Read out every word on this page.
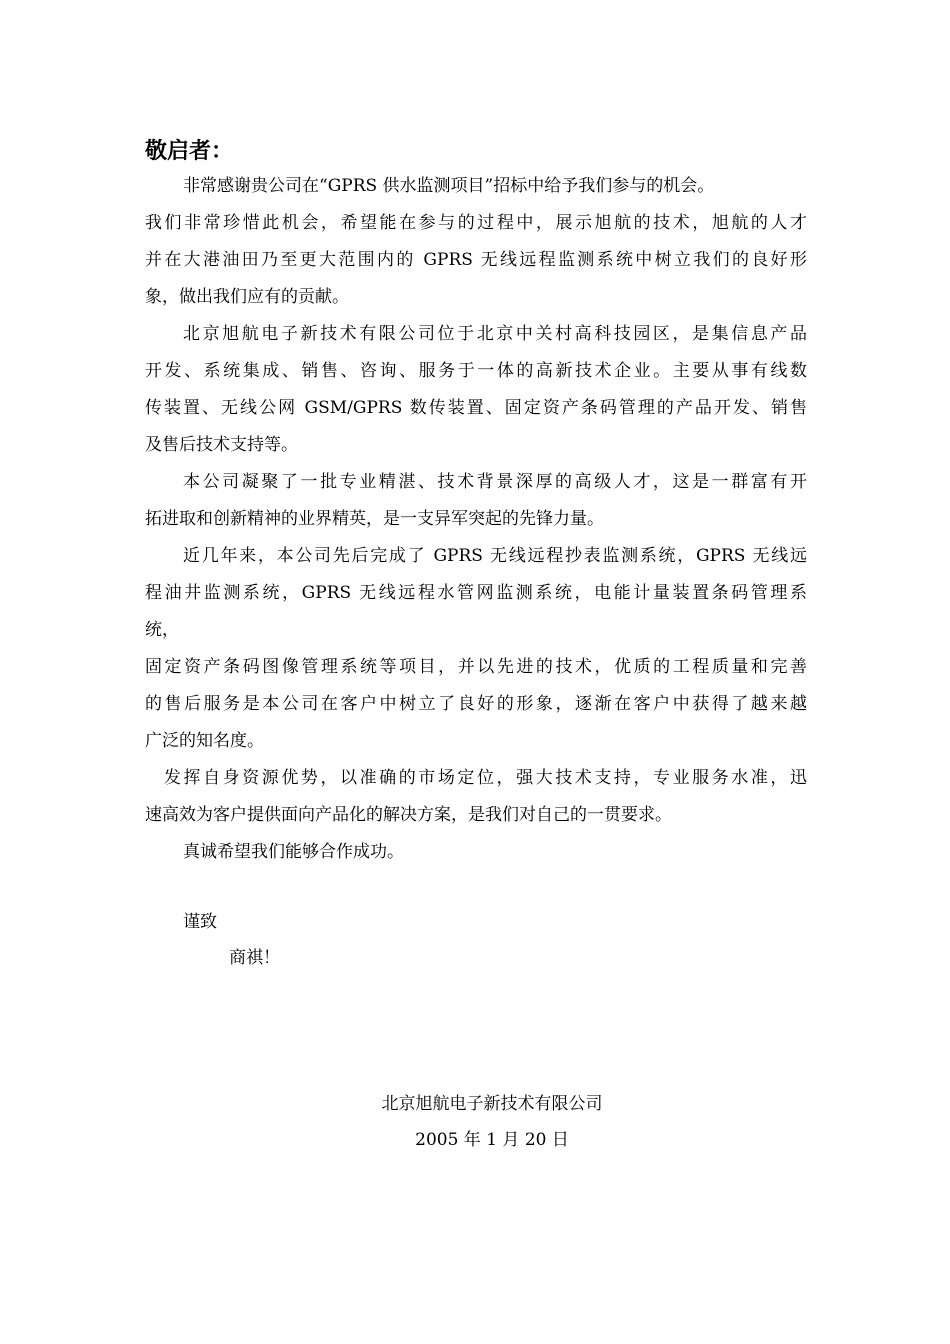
敬启者：
非常感谢贵公司在“GPRS 供水监测项目”招标中给予我们参与的机会。
我们非常珍惜此机会，希望能在参与的过程中，展示旭航的技术，旭航的人才
并在大港油田乃至更大范围内的 GPRS 无线远程监测系统中树立我们的良好形
象，做出我们应有的贡献。
北京旭航电子新技术有限公司位于北京中关村高科技园区，是集信息产品
开发、系统集成、销售、咨询、服务于一体的高新技术企业。主要从事有线数
传装置、无线公网 GSM/GPRS 数传装置、固定资产条码管理的产品开发、销售
及售后技术支持等。
本公司凝聚了一批专业精湛、技术背景深厚的高级人才，这是一群富有开
拓进取和创新精神的业界精英，是一支异军突起的先锋力量。
近几年来，本公司先后完成了 GPRS 无线远程抄表监测系统，GPRS 无线远
程油井监测系统，GPRS 无线远程水管网监测系统，电能计量装置条码管理系
统，
固定资产条码图像管理系统等项目，并以先进的技术，优质的工程质量和完善
的售后服务是本公司在客户中树立了良好的形象，逐渐在客户中获得了越来越
广泛的知名度。
发挥自身资源优势，以准确的市场定位，强大技术支持，专业服务水准，迅
速高效为客户提供面向产品化的解决方案，是我们对自己的一贯要求。
真诚希望我们能够合作成功。
谨致
商祺！
北京旭航电子新技术有限公司
2005 年 1 月 20 日
